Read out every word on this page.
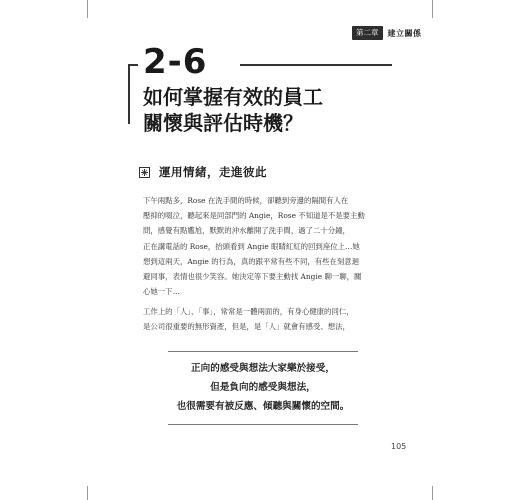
第二章	建立關係
2-6
如何掌握有效的員工
關懷與評估時機？
運用情緒，走進彼此
下午兩點多，Rose 在洗手間的時候，卻聽到旁邊的隔間有人在
壓抑的啜泣，聽起來是同部門的 Angie，Rose 不知道是不是要主動
問，感覺有點尷尬，默默的沖水離開了洗手間，過了二十分鐘，
正在講電話的 Rose，抬頭看到 Angie 眼睛紅紅的回到座位上…她
想到這兩天，Angie 的行為，真的跟平常有些不同，有些在刻意迴
避同事，表情也很少笑容。她決定等下要主動找 Angie 聊一聊，關
心她一下…
工作上的「人」、「事」，常常是一體兩面的，有身心健康的同仁，
是公司很重要的無形資產，但是，是「人」就會有感受、想法，
正向的感受與想法大家樂於接受，
但是負向的感受與想法，
也很需要有被反應、傾聽與關懷的空間。
105
